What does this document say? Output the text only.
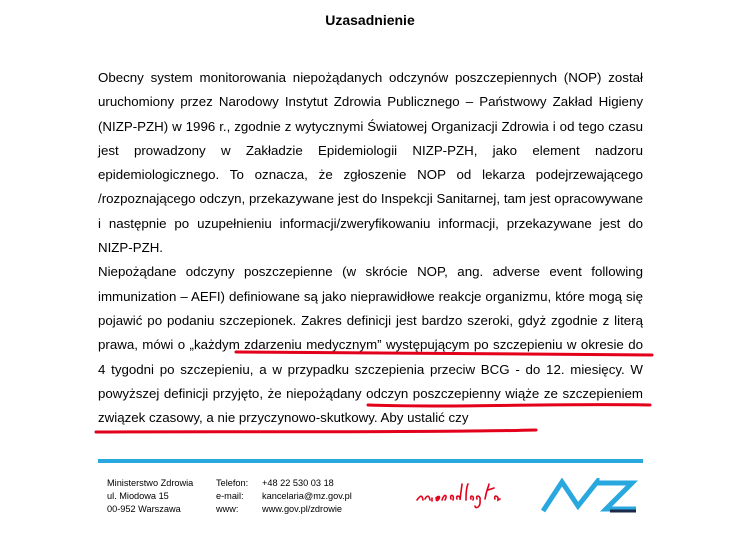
Uzasadnienie

Obecny system monitorowania niepożądanych odczynów poszczepiennych (NOP) został uruchomiony przez Narodowy Instytut Zdrowia Publicznego – Państwowy Zakład Higieny (NIZP-PZH) w 1996 r., zgodnie z wytycznymi Światowej Organizacji Zdrowia i od tego czasu jest prowadzony w Zakładzie Epidemiologii NIZP-PZH, jako element nadzoru epidemiologicznego. To oznacza, że zgłoszenie NOP od lekarza podejrzewającego /rozpoznającego odczyn, przekazywane jest do Inspekcji Sanitarnej, tam jest opracowywane i następnie po uzupełnieniu informacji/zweryfikowaniu informacji, przekazywane jest do NIZP-PZH.

Niepożądane odczyny poszczepienne (w skrócie NOP, ang. adverse event following immunization – AEFI) definiowane są jako nieprawidłowe reakcje organizmu, które mogą się pojawić po podaniu szczepionek. Zakres definicji jest bardzo szeroki, gdyż zgodnie z literą prawa, mówi o „każdym zdarzeniu medycznym” występującym po szczepieniu w okresie do 4 tygodni po szczepieniu, a w przypadku szczepienia przeciw BCG - do 12. miesięcy. W powyższej definicji przyjęto, że niepożądany odczyn poszczepienny wiąże ze szczepieniem związek czasowy, a nie przyczynowo-skutkowy. Aby ustalić czy

Ministerstwo Zdrowia
ul. Miodowa 15
00-952 Warszawa
Telefon:
e-mail:
www:
+48 22 530 03 18
kancelaria@mz.gov.pl
www.gov.pl/zdrowie
